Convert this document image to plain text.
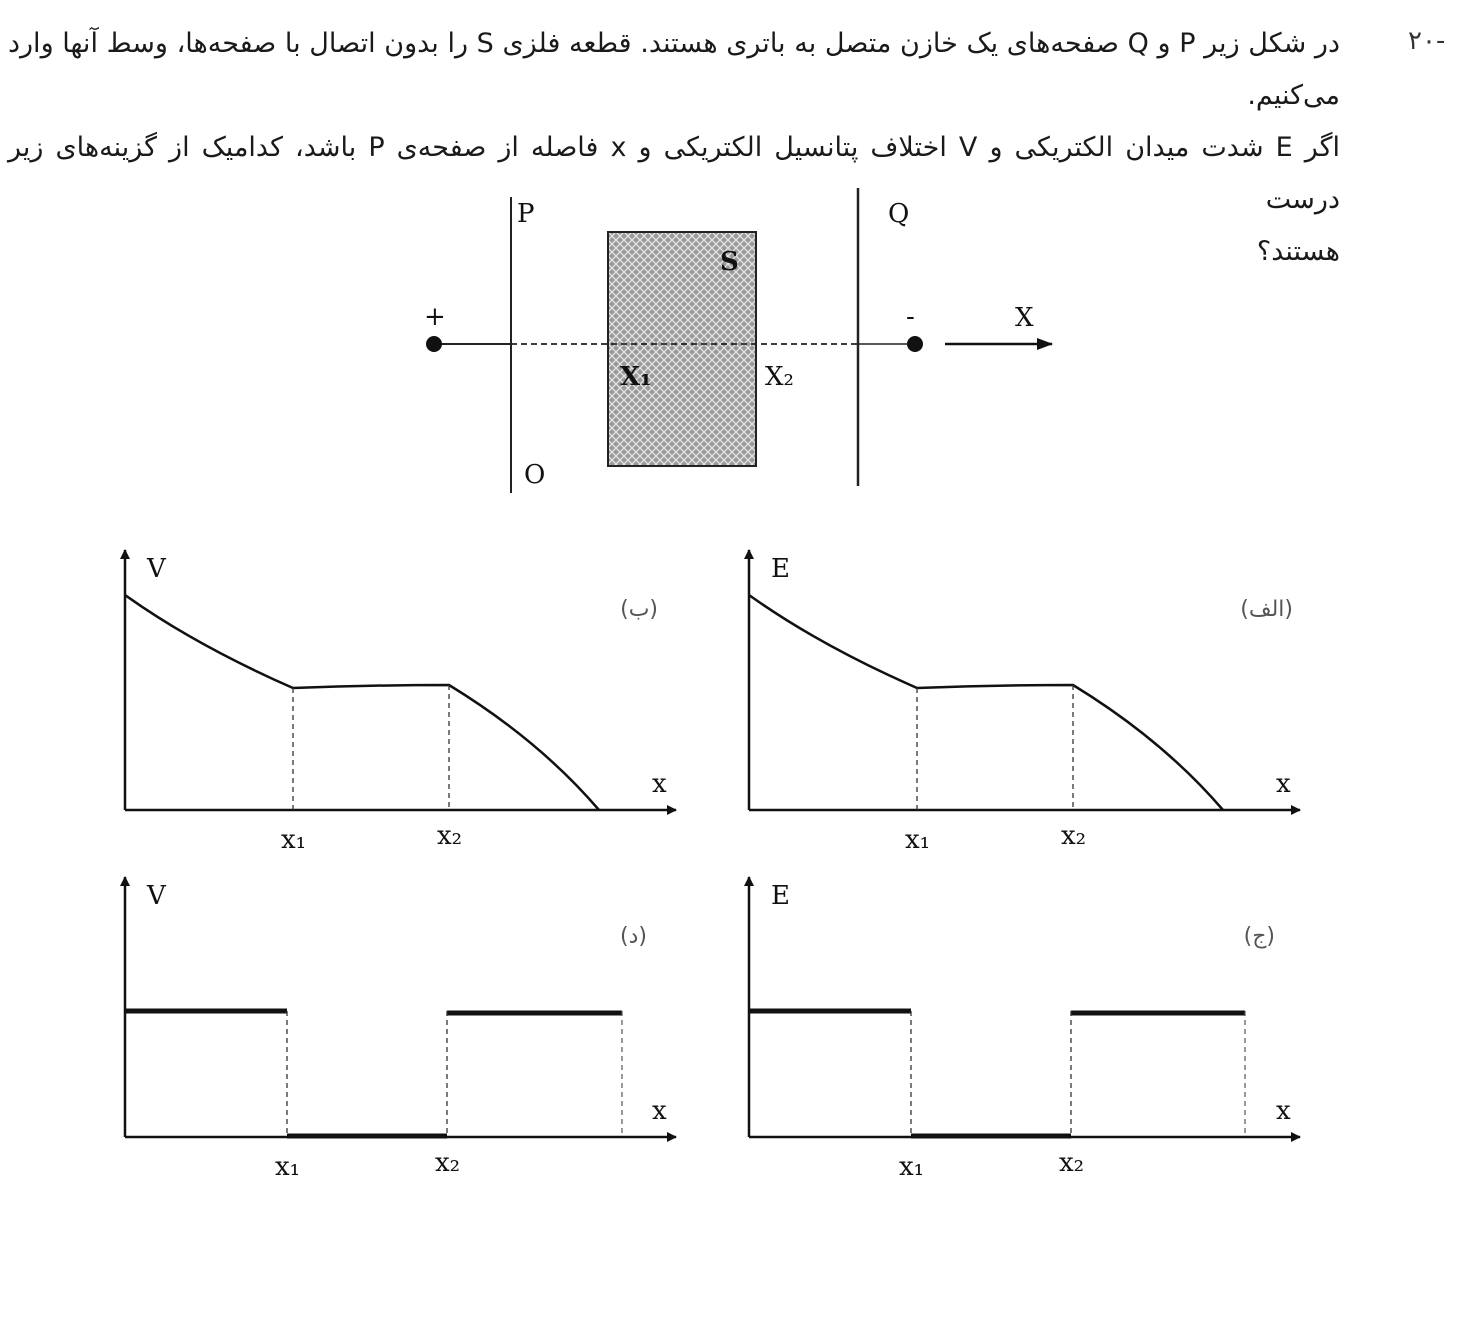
-۲۰
در شکل زیر P و Q صفحه‌های یک خازن متصل به باتری هستند. قطعه فلزی S را بدون اتصال با صفحه‌ها، وسط آنها وارد می‌کنیم.
اگر E شدت میدان الکتریکی و V اختلاف پتانسیل الکتریکی و x فاصله از صفحه‌ی P باشد، کدامیک از گزینه‌های زیر درست
هستند؟
P	Q
S
O
+	-	X
X₁	X₂
E
x
x₁	x₂
(الف)
V
x
x₁	x₂
(ب)
E
x
x₁	x₂
(ج)
V
x
x₁	x₂
(د)
